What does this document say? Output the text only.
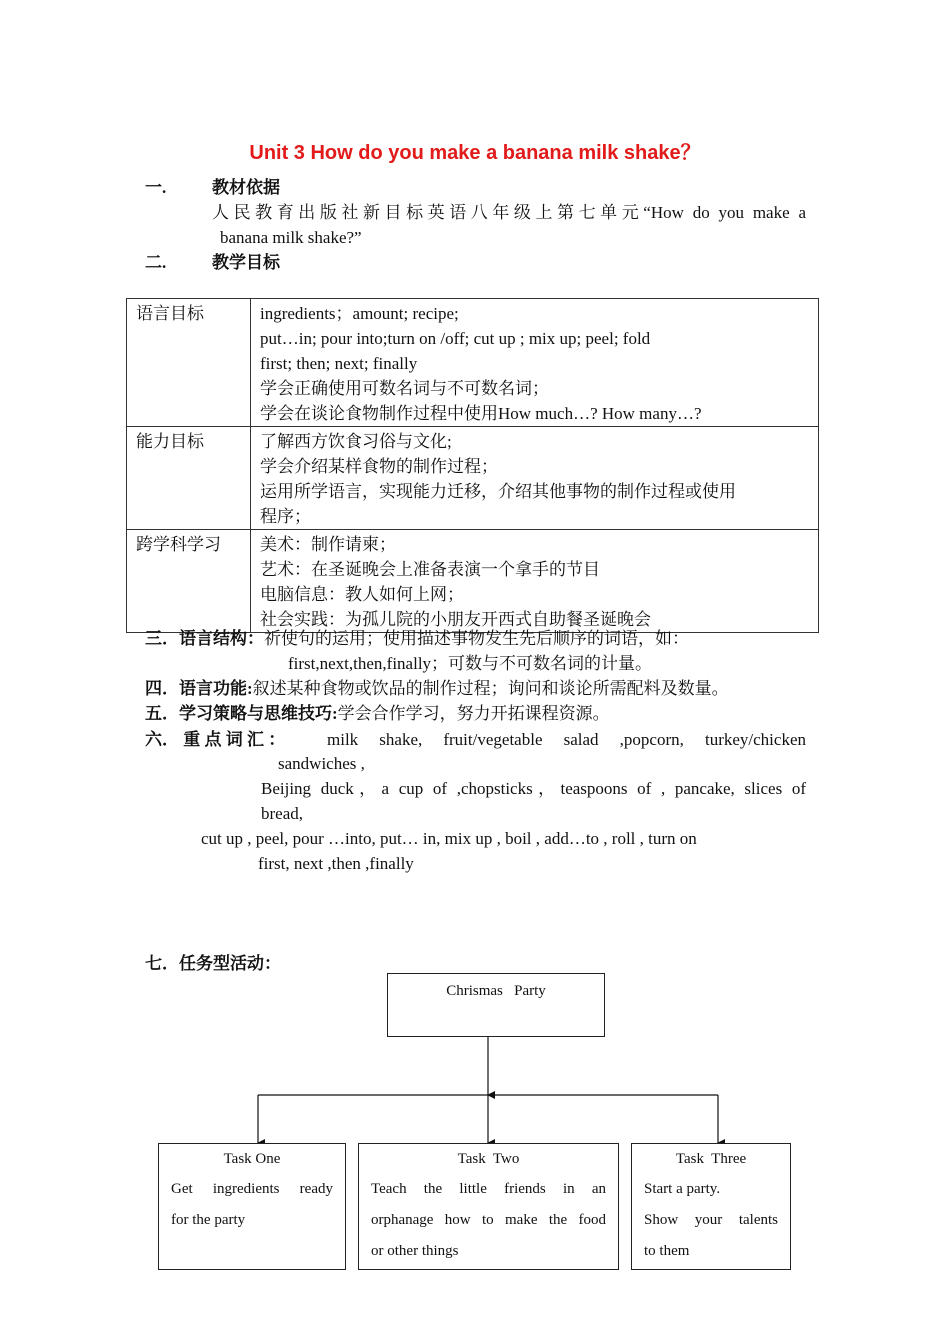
Unit 3 How do you make a banana milk shake？
一.	教材依据
人民教育出版社新目标英语八年级上第七单元“How do you make a
banana milk shake?”
二.	教学目标
语言目标	ingredients；amount; recipe;
put…in; pour into;turn on /off; cut up ; mix up; peel; fold
first; then; next; finally
学会正确使用可数名词与不可数名词；
学会在谈论食物制作过程中使用How much…? How many…?

能力目标	了解西方饮食习俗与文化;
学会介绍某样食物的制作过程；
运用所学语言，实现能力迁移，介绍其他事物的制作过程或使用
程序；

跨学科学习	美术：制作请柬；
艺术：在圣诞晚会上准备表演一个拿手的节目
电脑信息：教人如何上网；
社会实践：为孤儿院的小朋友开西式自助餐圣诞晚会
三．语言结构：祈使句的运用；使用描述事物发生先后顺序的词语，如：
first,next,then,finally；可数与不可数名词的计量。
四．语言功能:叙述某种食物或饮品的制作过程；询问和谈论所需配料及数量。
五．学习策略与思维技巧:学会合作学习，努力开拓课程资源。
六． 重 点 词 汇 ： milk shake, fruit/vegetable salad ,popcorn, turkey/chicken
sandwiches ,
Beijing duck，a cup of ,chopsticks，teaspoons of , pancake, slices of
bread,
cut up , peel, pour …into, put… in, mix up , boil , add…to , roll , turn on
first, next ,then ,finally
七．任务型活动：
Chrismas   Party
Task One
Get ingredients ready
for the party
Task  Two
Teach the little friends in an
orphanage how to make the food
or other things
Task  Three
Start a party.
Show your talents
to them
